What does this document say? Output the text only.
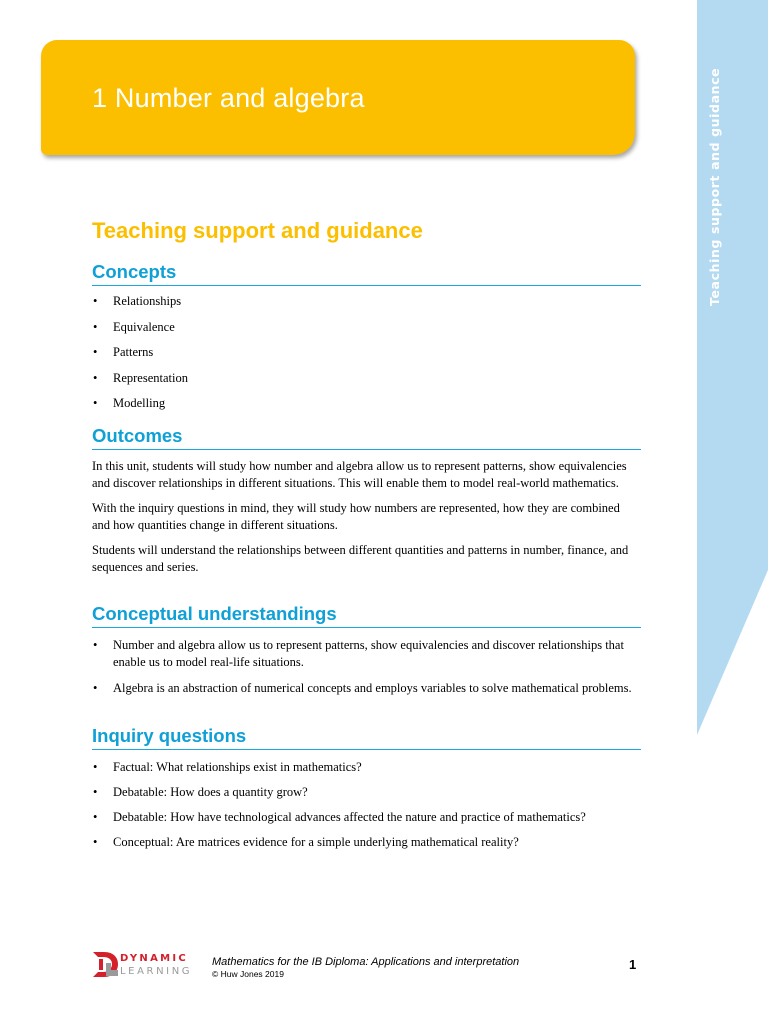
Teaching support and guidance
1 Number and algebra
Teaching support and guidance
Concepts
• Relationships
• Equivalence
• Patterns
• Representation
• Modelling
Outcomes

In this unit, students will study how number and algebra allow us to represent patterns, show equivalencies and discover relationships in different situations. This will enable them to model real-world mathematics.

With the inquiry questions in mind, they will study how numbers are represented, how they are combined and how quantities change in different situations.

Students will understand the relationships between different quantities and patterns in number, finance, and sequences and series.

Conceptual understandings
• Number and algebra allow us to represent patterns, show equivalencies and discover relationships that enable us to model real-life situations.
• Algebra is an abstraction of numerical concepts and employs variables to solve mathematical problems.
Inquiry questions
• Factual: What relationships exist in mathematics?
• Debatable: How does a quantity grow?
• Debatable: How have technological advances affected the nature and practice of mathematics?
• Conceptual: Are matrices evidence for a simple underlying mathematical reality?
DYNAMIC
LEARNING
Mathematics for the IB Diploma: Applications and interpretation
© Huw Jones 2019
1
